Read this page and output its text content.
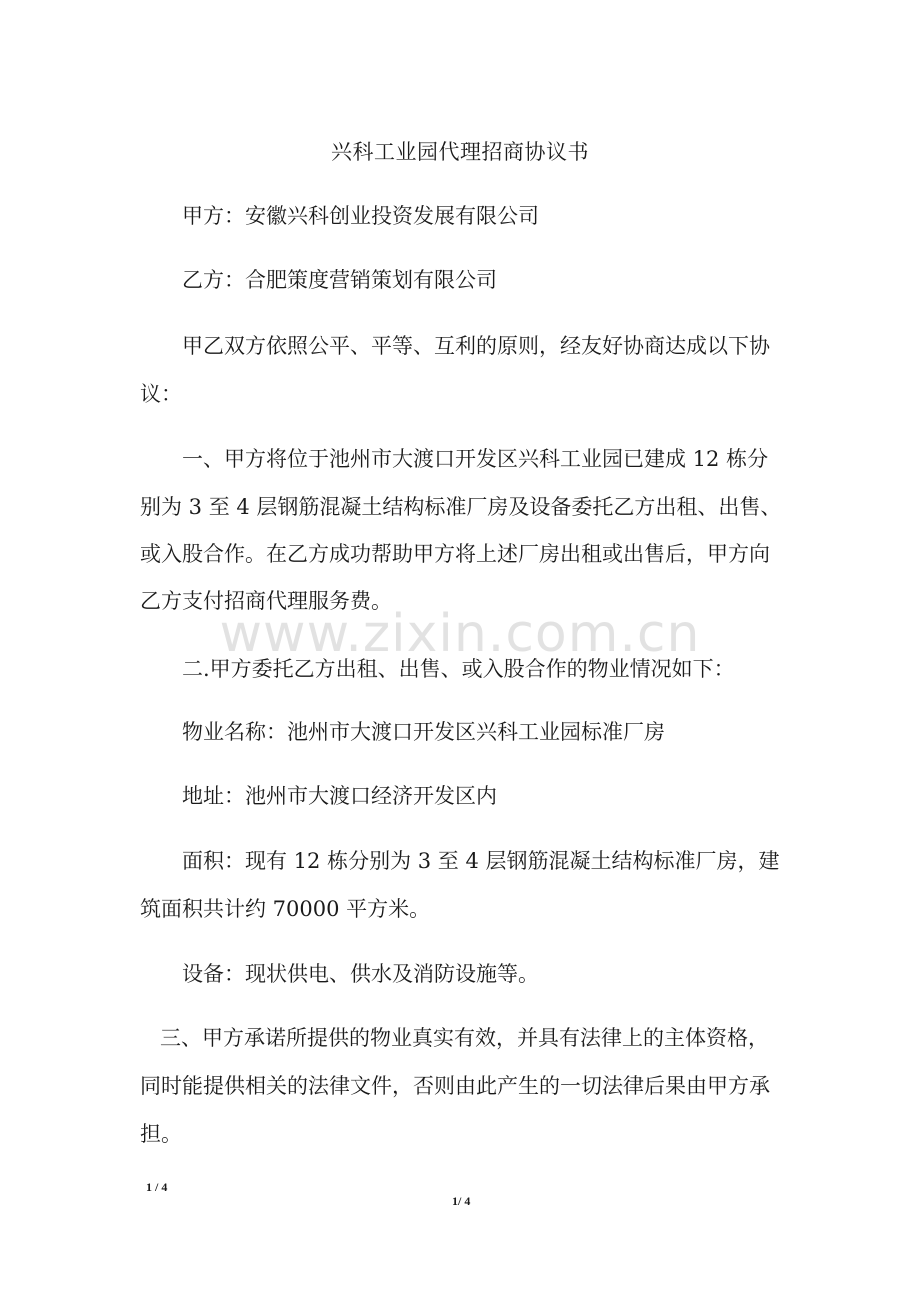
兴科工业园代理招商协议书
甲方：安徽兴科创业投资发展有限公司
乙方：合肥策度营销策划有限公司
甲乙双方依照公平、平等、互利的原则，经友好协商达成以下协
议：
一、甲方将位于池州市大渡口开发区兴科工业园已建成 12 栋分
别为 3 至 4 层钢筋混凝土结构标准厂房及设备委托乙方出租、出售、
或入股合作。在乙方成功帮助甲方将上述厂房出租或出售后，甲方向
乙方支付招商代理服务费。
www.zixin.com.cn
二.甲方委托乙方出租、出售、或入股合作的物业情况如下：
物业名称：池州市大渡口开发区兴科工业园标准厂房
地址：池州市大渡口经济开发区内
面积：现有 12 栋分别为 3 至 4 层钢筋混凝土结构标准厂房，建
筑面积共计约 70000 平方米。
设备：现状供电、供水及消防设施等。
三、甲方承诺所提供的物业真实有效，并具有法律上的主体资格，
同时能提供相关的法律文件，否则由此产生的一切法律后果由甲方承
担。
1 / 4
1/ 4
